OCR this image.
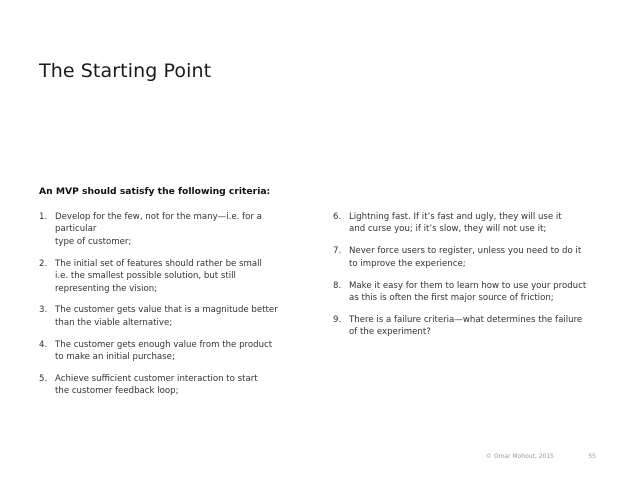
The Starting Point

An MVP should satisfy the following criteria:

1. Develop for the few, not for the many—i.e. for a particular
type of customer;
2. The initial set of features should rather be small
i.e. the smallest possible solution, but still
representing the vision;
3. The customer gets value that is a magnitude better
than the viable alternative;
4. The customer gets enough value from the product
to make an initial purchase;
5. Achieve sufficient customer interaction to start
the customer feedback loop;
6. Lightning fast. If it’s fast and ugly, they will use it
and curse you; if it’s slow, they will not use it;
7. Never force users to register, unless you need to do it
to improve the experience;
8. Make it easy for them to learn how to use your product
as this is often the first major source of friction;
9. There is a failure criteria—what determines the failure
of the experiment?
© Omar Mohout, 2015	55
